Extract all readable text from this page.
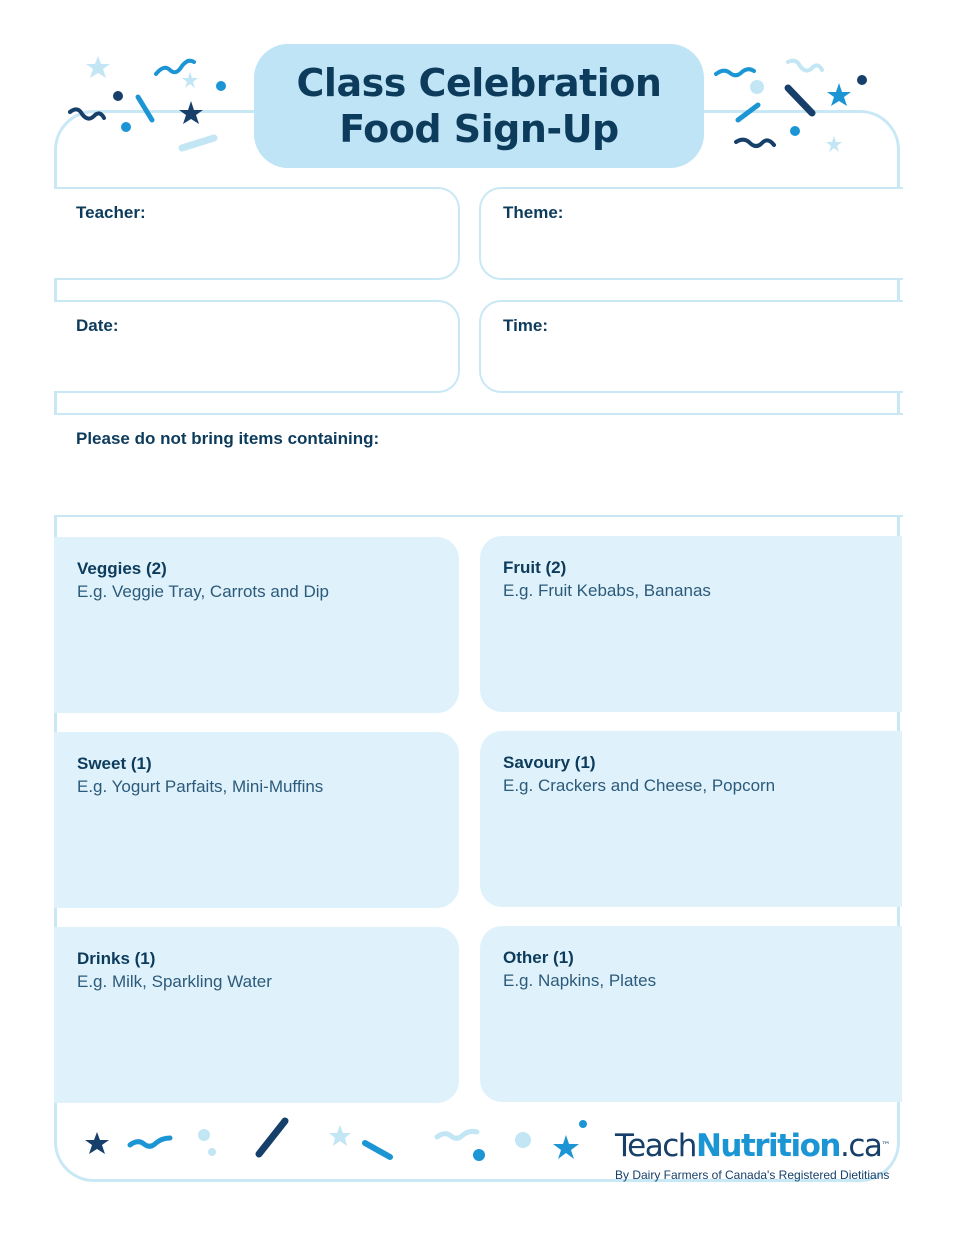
Class Celebration
Food Sign-Up
Teacher:	Theme:
Date:	Time:
Please do not bring items containing:
Veggies (2)
E.g. Veggie Tray, Carrots and Dip
Fruit (2)
E.g. Fruit Kebabs, Bananas
Sweet (1)
E.g. Yogurt Parfaits, Mini-Muffins
Savoury (1)
E.g. Crackers and Cheese, Popcorn
Drinks (1)
E.g. Milk, Sparkling Water
Other (1)
E.g. Napkins, Plates
TeachNutrition.ca™
By Dairy Farmers of Canada's Registered Dietitians
